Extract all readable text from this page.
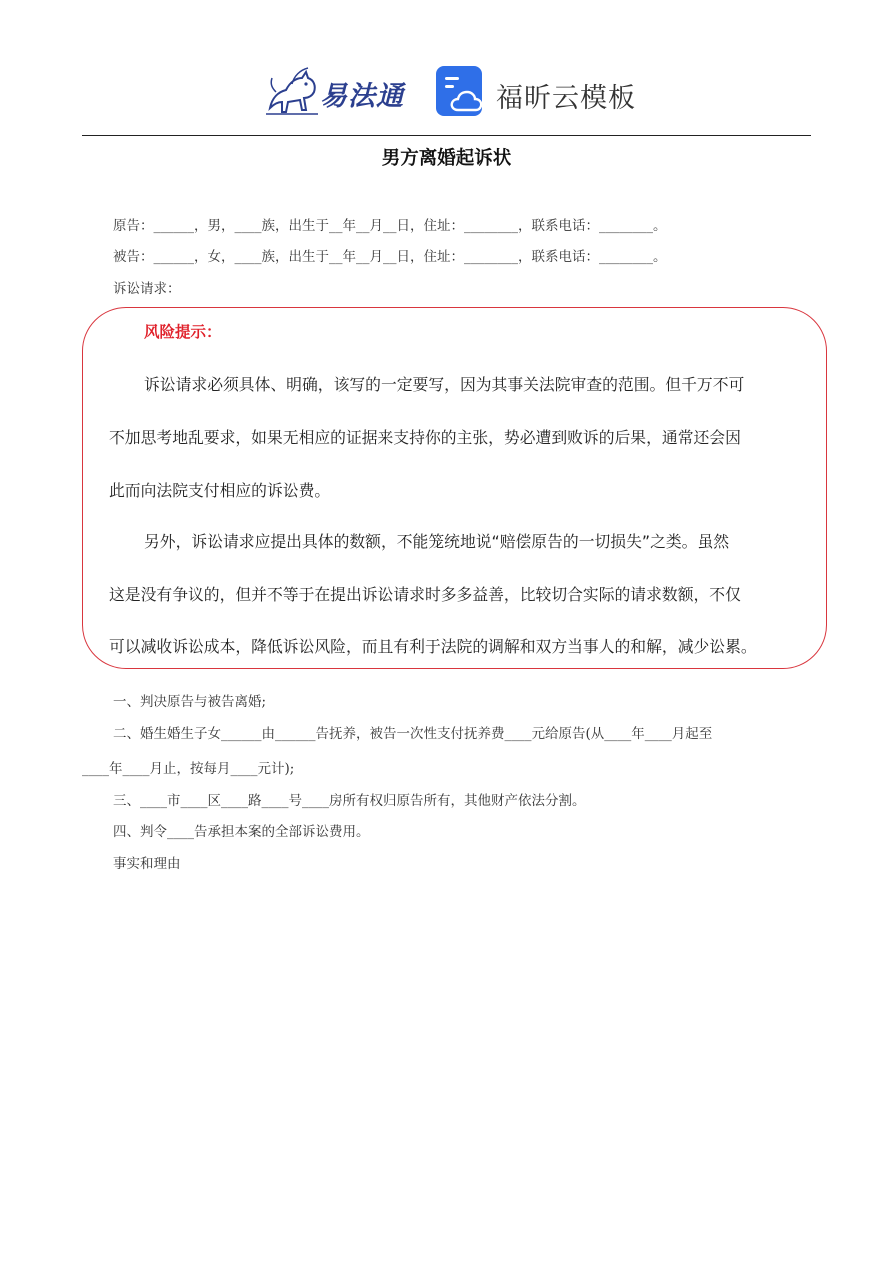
易法通	福昕云模板
男方离婚起诉状
原告：______，男，____族，出生于__年__月__日，住址：________，联系电话：________。
被告：______，女，____族，出生于__年__月__日，住址：________，联系电话：________。
诉讼请求：
风险提示：
诉讼请求必须具体、明确，该写的一定要写，因为其事关法院审查的范围。但千万不可
不加思考地乱要求，如果无相应的证据来支持你的主张，势必遭到败诉的后果，通常还会因
此而向法院支付相应的诉讼费。
另外，诉讼请求应提出具体的数额，不能笼统地说“赔偿原告的一切损失”之类。虽然
这是没有争议的，但并不等于在提出诉讼请求时多多益善，比较切合实际的请求数额，不仅
可以减收诉讼成本，降低诉讼风险，而且有利于法院的调解和双方当事人的和解，减少讼累。
一、判决原告与被告离婚;
二、婚生婚生子女______由______告抚养，被告一次性支付抚养费____元给原告(从____年____月起至
____年____月止，按每月____元计);
三、____市____区____路____号____房所有权归原告所有，其他财产依法分割。
四、判令____告承担本案的全部诉讼费用。
事实和理由
